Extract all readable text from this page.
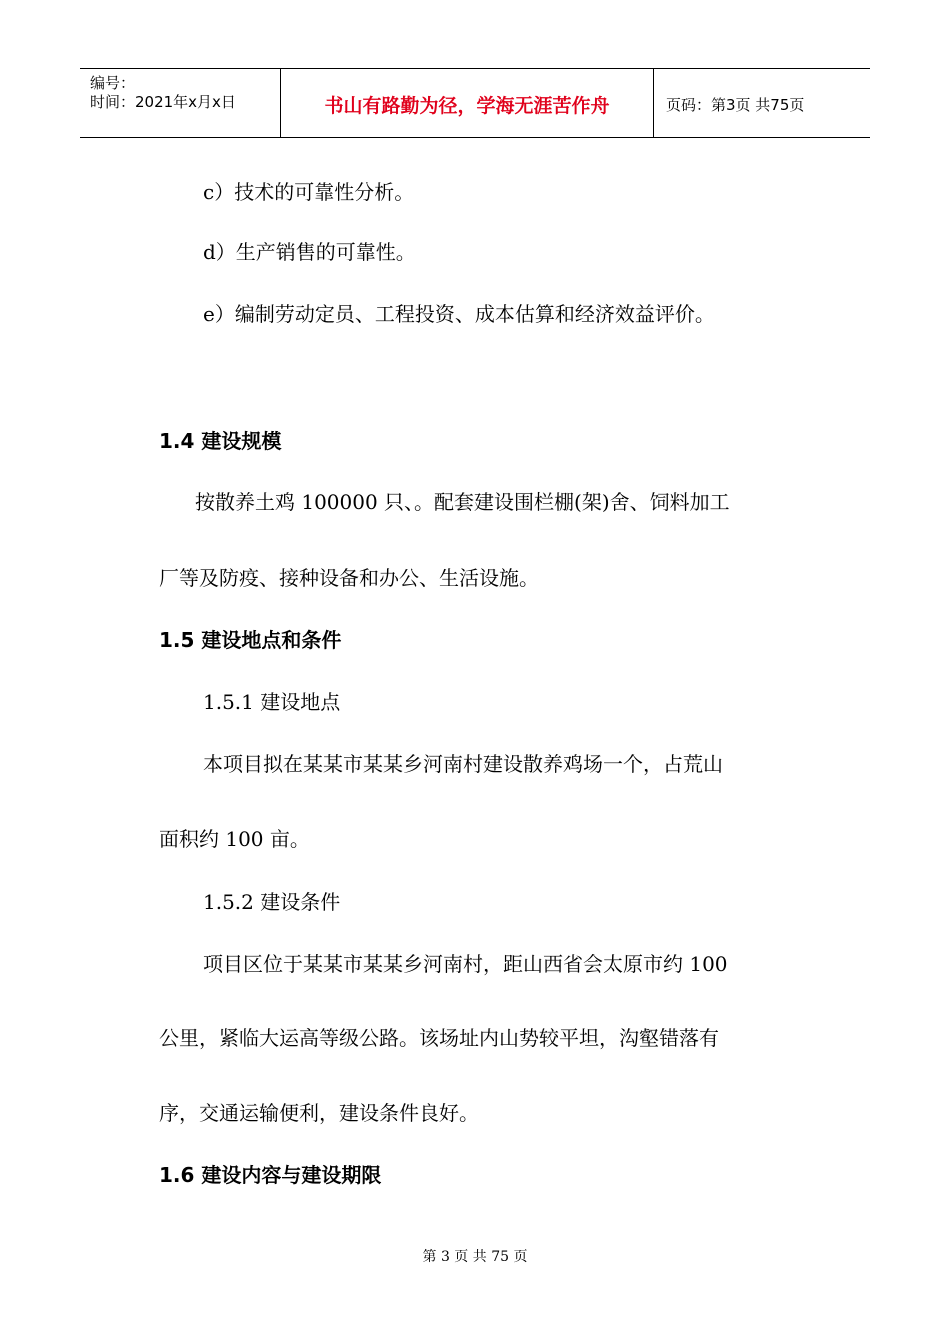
编号：
时间：2021年x月x日	书山有路勤为径，学海无涯苦作舟	页码：第3页 共75页
c）技术的可靠性分析。
d）生产销售的可靠性。
e）编制劳动定员、工程投资、成本估算和经济效益评价。
1.4 建设规模
按散养土鸡 100000 只、。配套建设围栏棚(架)舍、饲料加工
厂等及防疫、接种设备和办公、生活设施。
1.5 建设地点和条件
1.5.1 建设地点
本项目拟在某某市某某乡河南村建设散养鸡场一个，占荒山
面积约 100 亩。
1.5.2 建设条件
项目区位于某某市某某乡河南村，距山西省会太原市约 100
公里，紧临大运高等级公路。该场址内山势较平坦，沟壑错落有
序，交通运输便利，建设条件良好。
1.6 建设内容与建设期限
第 3 页 共 75 页
